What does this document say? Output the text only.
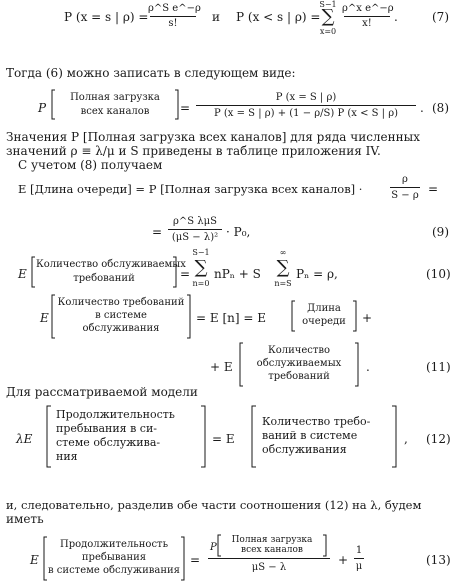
P (x = s | ρ) =
ρ^S e^−ρ
s!	и P (x < s | ρ) =
S−1
∑
x=0
ρ^x e^−ρ
x!	.	(7)
Тогда (6) можно записать в следующем виде:
P
Полная загрузка
всех каналов	=
P (x = S | ρ)
P (x = S | ρ) + (1 − ρ/S) P (x < S | ρ)	. (8)
Значения P [Полная загрузка всех каналов] для ряда численных
значений ρ ≡ λ/μ и S приведены в таблице приложения IV.
С учетом (8) получаем
E [Длина очереди] = P [Полная загрузка всех каналов] ·
ρ
S − ρ =
=
ρ^S λμS
(μS − λ)² · P₀,	(9)
E
Количество обслуживаемых
требований	=
S−1
∑
n=0
nPₙ + S
∞
∑
n=S
Pₙ = ρ,	(10)
E
Количество требований
в системе
обслуживания
= E [n] = E
Длина
очереди	+
+ E
Количество
обслуживаемых
требований
.	(11)
Для рассматриваемой модели
λE
Продолжительность
пребывания в си-
стеме обслужива-
ния
= E
Количество требо-
ваний в системе
обслуживания
, (12)
и, следовательно, разделив обе части соотношения (12) на λ, будем
иметь
E
Продолжительность
пребывания
в системе обслуживания
=
P
Полная загрузка
всех каналов
μS − λ
+
1
μ	(13)
